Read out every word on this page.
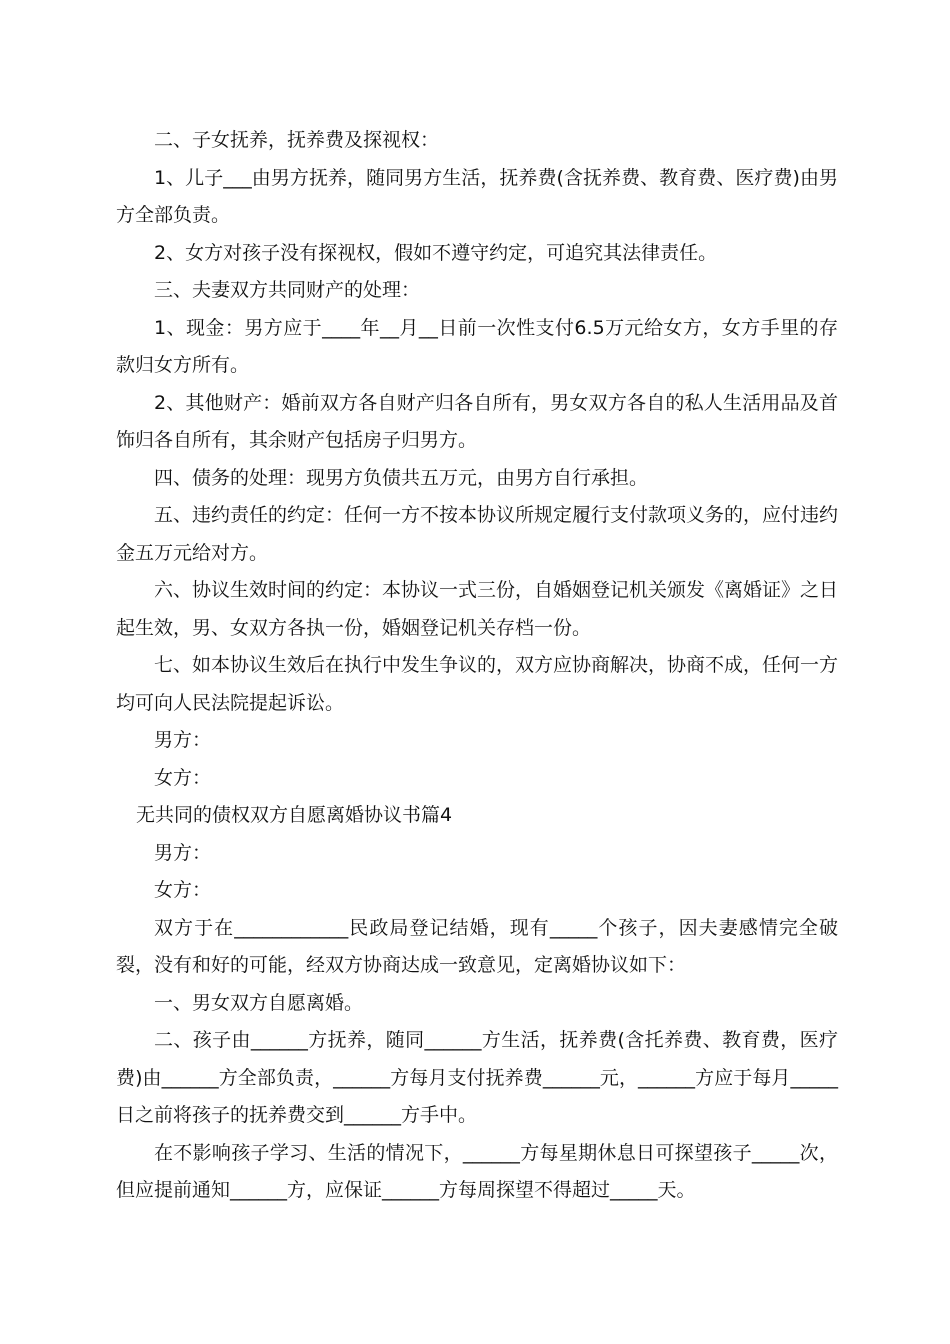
二、子女抚养，抚养费及探视权：

1、儿子___由男方抚养，随同男方生活，抚养费(含抚养费、教育费、医疗费)由男方全部负责。

2、女方对孩子没有探视权，假如不遵守约定，可追究其法律责任。

三、夫妻双方共同财产的处理：

1、现金：男方应于____年__月__日前一次性支付6.5万元给女方，女方手里的存款归女方所有。

2、其他财产：婚前双方各自财产归各自所有，男女双方各自的私人生活用品及首饰归各自所有，其余财产包括房子归男方。

四、债务的处理：现男方负债共五万元，由男方自行承担。

五、违约责任的约定：任何一方不按本协议所规定履行支付款项义务的，应付违约金五万元给对方。

六、协议生效时间的约定：本协议一式三份，自婚姻登记机关颁发《离婚证》之日起生效，男、女双方各执一份，婚姻登记机关存档一份。

七、如本协议生效后在执行中发生争议的，双方应协商解决，协商不成，任何一方均可向人民法院提起诉讼。

男方：

女方：

无共同的债权双方自愿离婚协议书篇4

男方：

女方：

双方于在____________民政局登记结婚，现有_____个孩子，因夫妻感情完全破裂，没有和好的可能，经双方协商达成一致意见，定离婚协议如下：

一、男女双方自愿离婚。

二、孩子由______方抚养，随同______方生活，抚养费(含托养费、教育费，医疗费)由______方全部负责，______方每月支付抚养费______元，______方应于每月_____日之前将孩子的抚养费交到______方手中。

在不影响孩子学习、生活的情况下，______方每星期休息日可探望孩子_____次，但应提前通知______方，应保证______方每周探望不得超过_____天。
